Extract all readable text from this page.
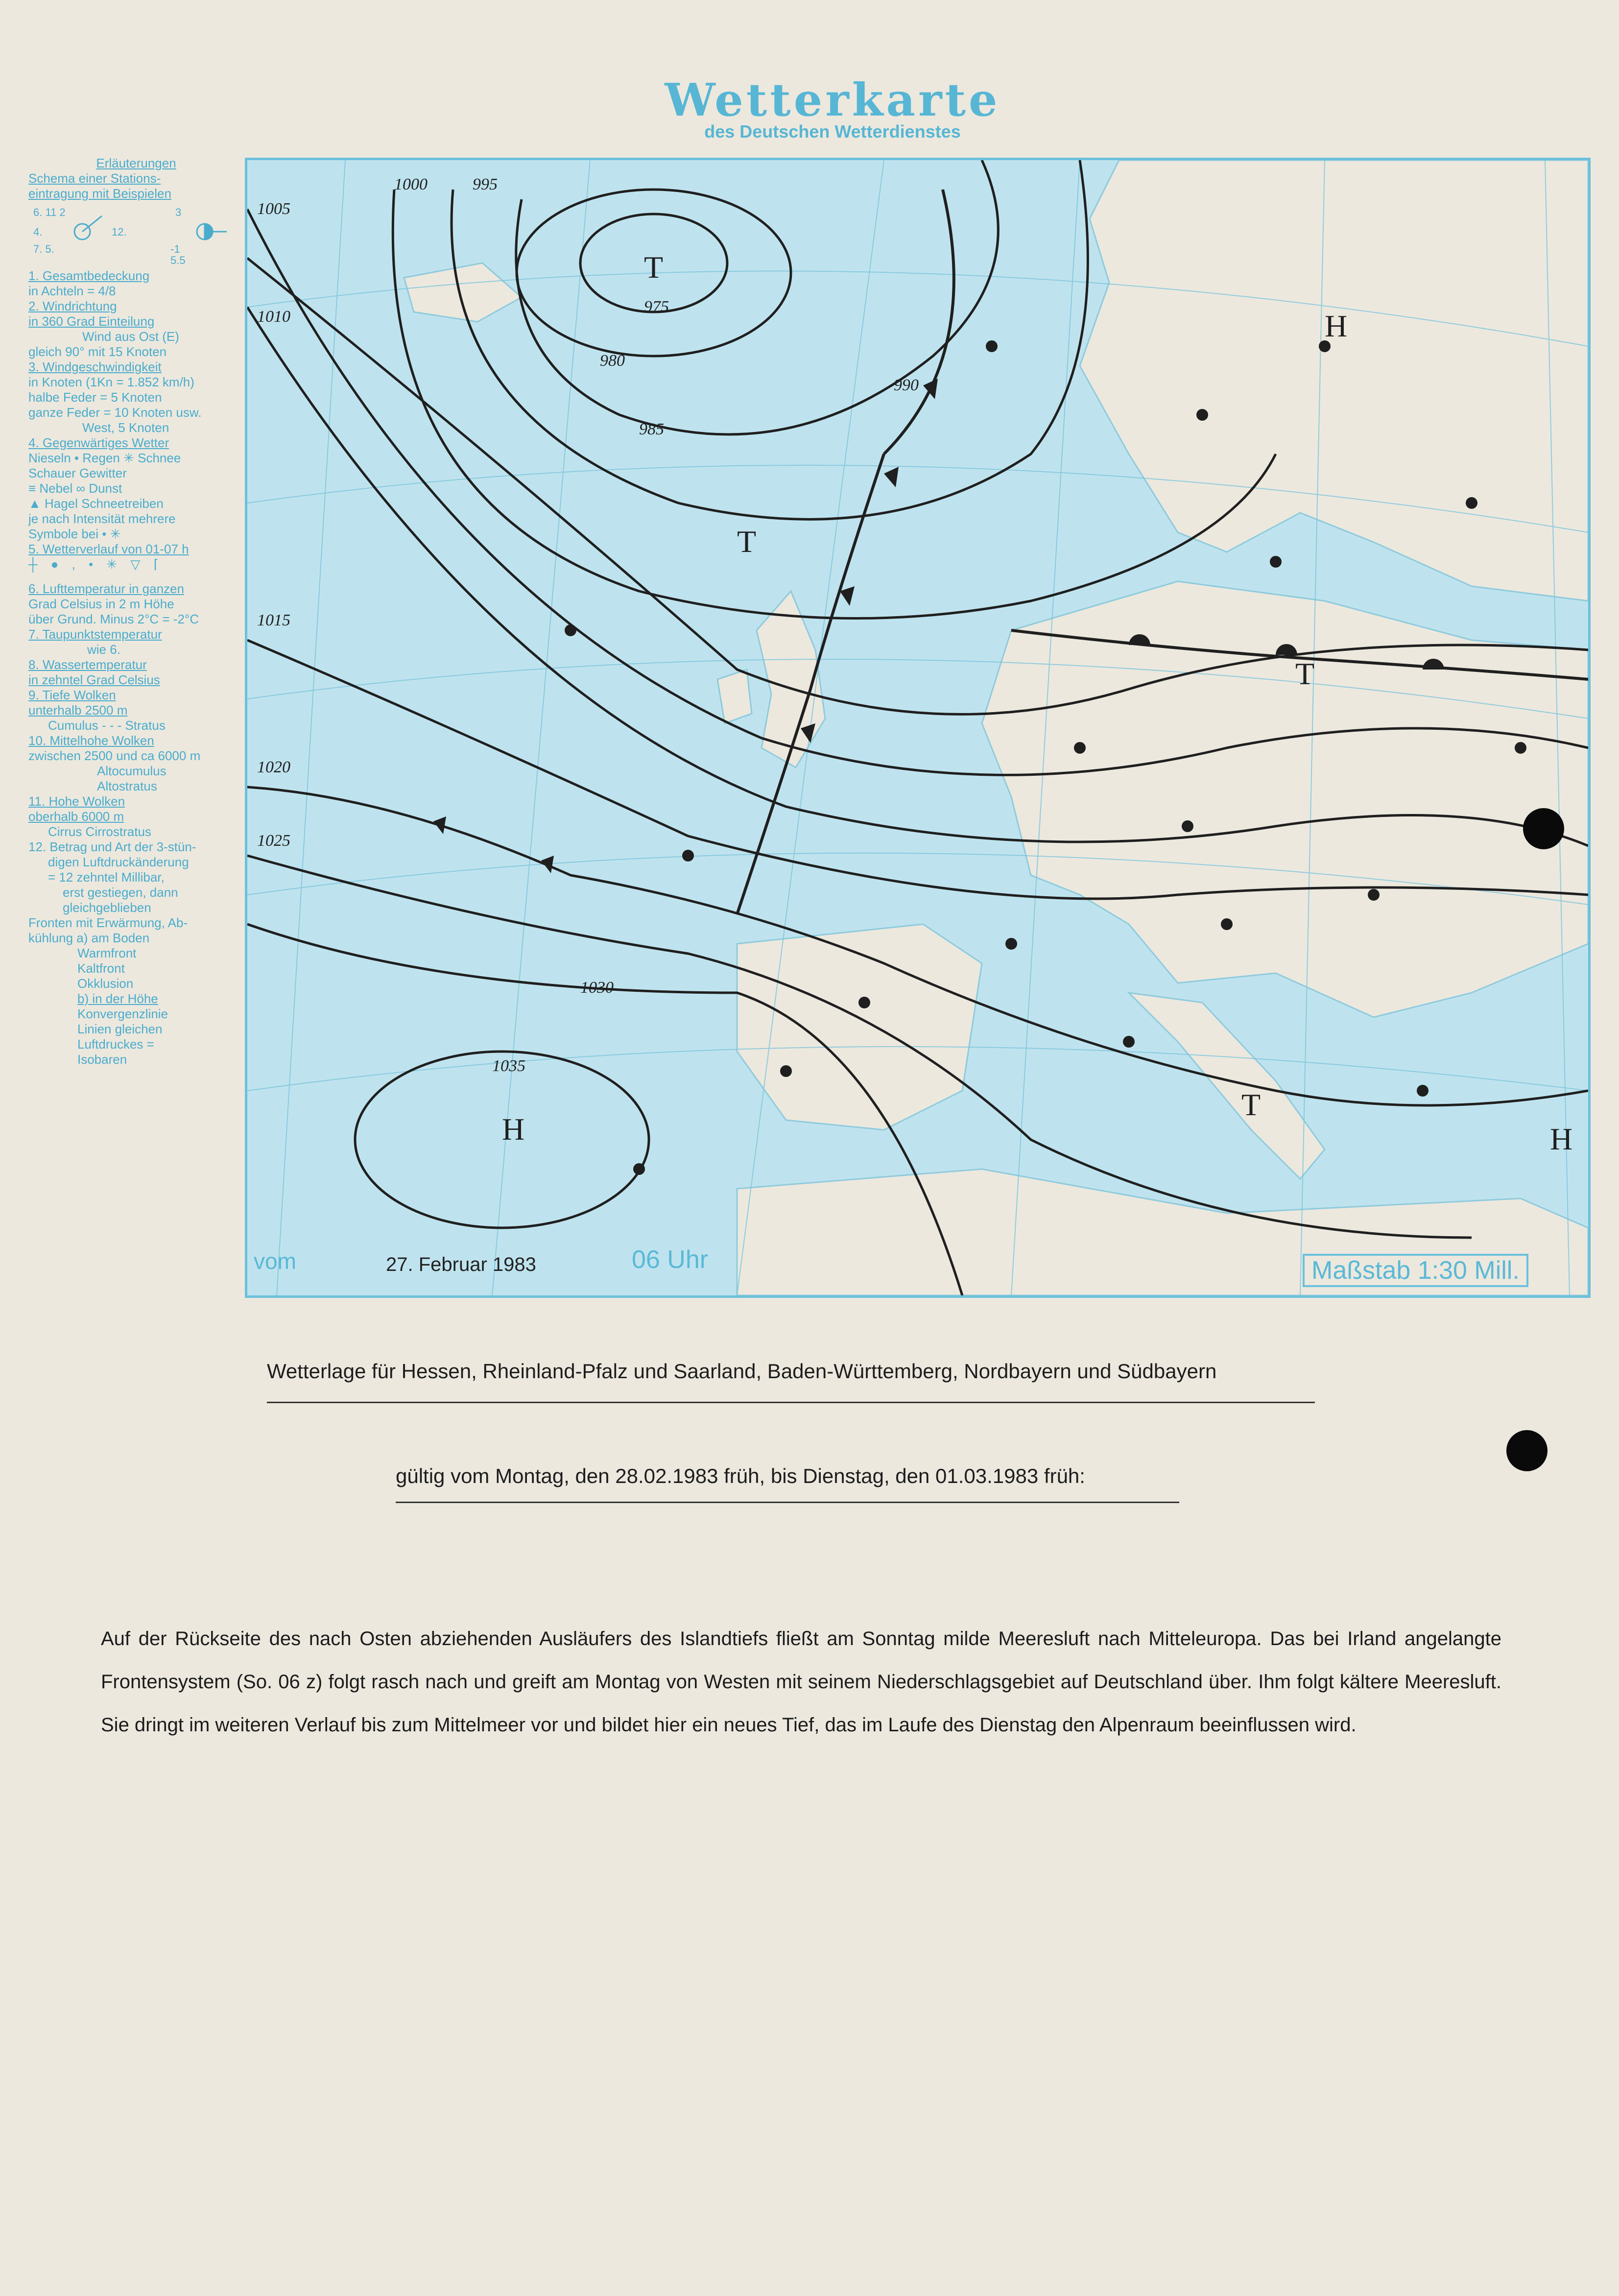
Wetterkarte
des Deutschen Wetterdienstes
Erläuterungen
Schema einer Stations-
eintragung mit Beispielen
6. 11 2
4.
7. 5.
12.
3
-1
5.5
1. Gesamtbedeckung
in Achteln = 4/8
2. Windrichtung
in 360 Grad Einteilung
Wind aus Ost (E)
gleich 90° mit 15 Knoten
3. Windgeschwindigkeit
in Knoten (1Kn = 1.852 km/h)
halbe Feder = 5 Knoten
ganze Feder = 10 Knoten usw.
West, 5 Knoten
4. Gegenwärtiges Wetter
Nieseln • Regen ✳ Schnee
Schauer Gewitter
≡ Nebel ∞ Dunst
▲ Hagel Schneetreiben
je nach Intensität mehrere
Symbole bei • ✳
5. Wetterverlauf von 01-07 h
┼ ● , • ✳ ▽ ⌈
6. Lufttemperatur in ganzen
Grad Celsius in 2 m Höhe
über Grund. Minus 2°C = -2°C
7. Taupunktstemperatur
wie 6.
8. Wassertemperatur
in zehntel Grad Celsius
9. Tiefe Wolken
unterhalb 2500 m
Cumulus - - - Stratus
10. Mittelhohe Wolken
zwischen 2500 und ca 6000 m
Altocumulus
Altostratus
11. Hohe Wolken
oberhalb 6000 m
Cirrus Cirrostratus
12. Betrag und Art der 3-stün-
digen Luftdruckänderung
= 12 zehntel Millibar,
erst gestiegen, dann
gleichgeblieben
Fronten mit Erwärmung, Ab-
kühlung a) am Boden
Warmfront
Kaltfront
Okklusion
b) in der Höhe
Konvergenzlinie
Linien gleichen
Luftdruckes =
Isobaren
1000	995
990
985
980
975
1005
1010
1015
1020
1025
1030
1035
T
T
T
T
H
H	H
vom	27. Februar 1983	06 Uhr	Maßstab 1:30 Mill.
Wetterlage für Hessen, Rheinland-Pfalz und Saarland, Baden-Württemberg, Nordbayern und Südbayern
gültig vom Montag, den 28.02.1983 früh, bis Dienstag, den 01.03.1983 früh:
Auf der Rückseite des nach Osten abziehenden Ausläufers des Islandtiefs fließt am Sonntag milde Meeresluft nach Mitteleuropa. Das bei Irland angelangte Frontensystem (So. 06 z) folgt rasch nach und greift am Montag von Westen mit seinem Niederschlagsgebiet auf Deutschland über. Ihm folgt kältere Meeresluft. Sie dringt im weiteren Verlauf bis zum Mittelmeer vor und bildet hier ein neues Tief, das im Laufe des Dienstag den Alpenraum beeinflussen wird.
